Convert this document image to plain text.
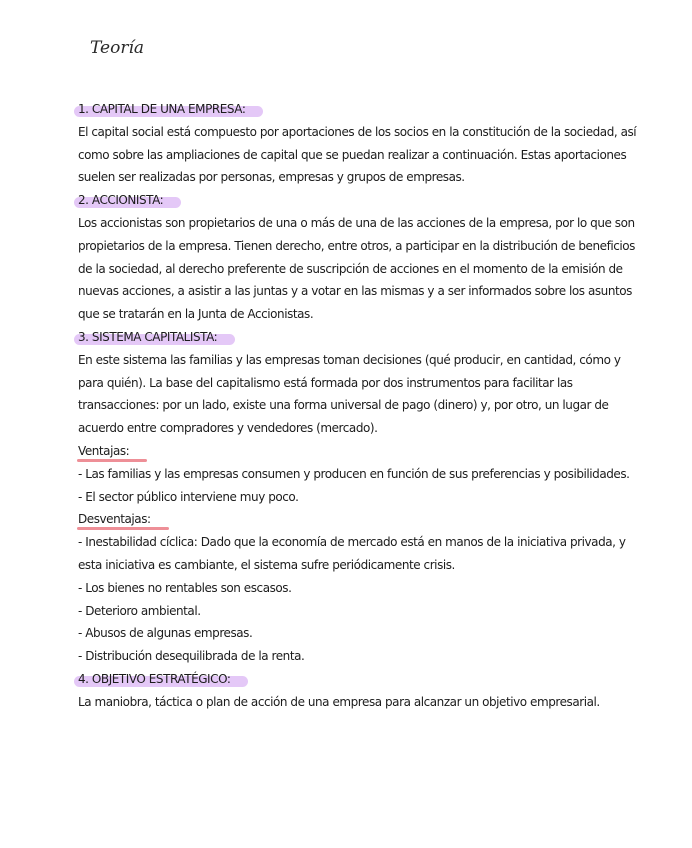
Teoría
1. CAPITAL DE UNA EMPRESA:

El capital social está compuesto por aportaciones de los socios en la constitución de la sociedad, así como sobre las ampliaciones de capital que se puedan realizar a continuación. Estas aportaciones suelen ser realizadas por personas, empresas y grupos de empresas.

2. ACCIONISTA:

Los accionistas son propietarios de una o más de una de las acciones de la empresa, por lo que son propietarios de la empresa. Tienen derecho, entre otros, a participar en la distribución de beneficios de la sociedad, al derecho preferente de suscripción de acciones en el momento de la emisión de nuevas acciones, a asistir a las juntas y a votar en las mismas y a ser informados sobre los asuntos que se tratarán en la Junta de Accionistas.

3. SISTEMA CAPITALISTA:

En este sistema las familias y las empresas toman decisiones (qué producir, en cantidad, cómo y para quién). La base del capitalismo está formada por dos instrumentos para facilitar las transacciones: por un lado, existe una forma universal de pago (dinero) y, por otro, un lugar de acuerdo entre compradores y vendedores (mercado).

Ventajas:
- Las familias y las empresas consumen y producen en función de sus preferencias y posibilidades.
- El sector público interviene muy poco.
Desventajas:
- Inestabilidad cíclica: Dado que la economía de mercado está en manos de la iniciativa privada, y esta iniciativa es cambiante, el sistema sufre periódicamente crisis.
- Los bienes no rentables son escasos.
- Deterioro ambiental.
- Abusos de algunas empresas.
- Distribución desequilibrada de la renta.
4. OBJETIVO ESTRATÉGICO:

La maniobra, táctica o plan de acción de una empresa para alcanzar un objetivo empresarial.
